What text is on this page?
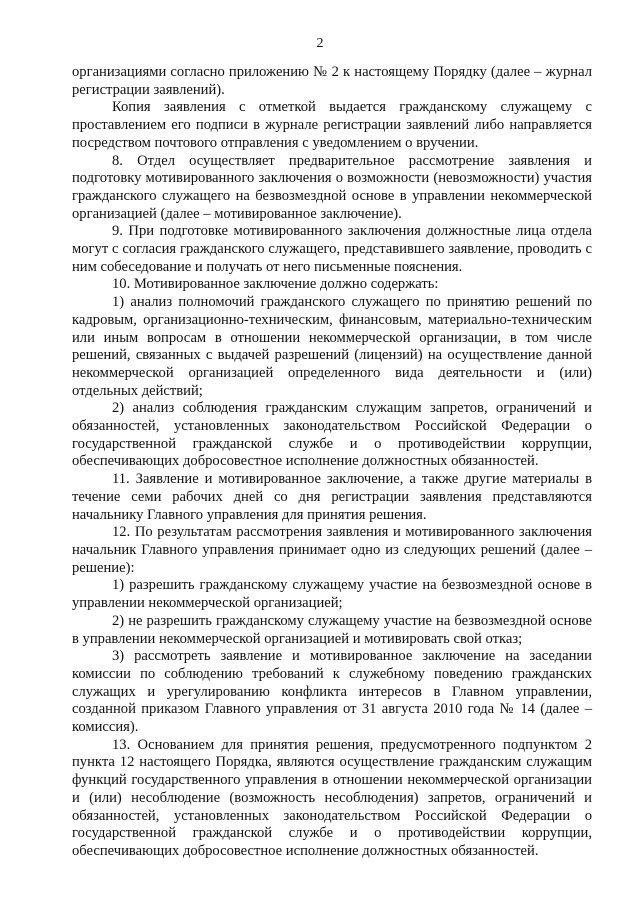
2

организациями согласно приложению № 2 к настоящему Порядку (далее – журнал регистрации заявлений).

Копия заявления с отметкой выдается гражданскому служащему с проставлением его подписи в журнале регистрации заявлений либо направляется посредством почтового отправления с уведомлением о вручении.

8. Отдел осуществляет предварительное рассмотрение заявления и подготовку мотивированного заключения о возможности (невозможности) участия гражданского служащего на безвозмездной основе в управлении некоммерческой организацией (далее – мотивированное заключение).

9. При подготовке мотивированного заключения должностные лица отдела могут с согласия гражданского служащего, представившего заявление, проводить с ним собеседование и получать от него письменные пояснения.

10. Мотивированное заключение должно содержать:

1) анализ полномочий гражданского служащего по принятию решений по кадровым, организационно-техническим, финансовым, материально-техническим или иным вопросам в отношении некоммерческой организации, в том числе решений, связанных с выдачей разрешений (лицензий) на осуществление данной некоммерческой организацией определенного вида деятельности и (или) отдельных действий;

2) анализ соблюдения гражданским служащим запретов, ограничений и обязанностей, установленных законодательством Российской Федерации о государственной гражданской службе и о противодействии коррупции, обеспечивающих добросовестное исполнение должностных обязанностей.

11. Заявление и мотивированное заключение, а также другие материалы в течение семи рабочих дней со дня регистрации заявления представляются начальнику Главного управления для принятия решения.

12. По результатам рассмотрения заявления и мотивированного заключения начальник Главного управления принимает одно из следующих решений (далее – решение):

1) разрешить гражданскому служащему участие на безвозмездной основе в управлении некоммерческой организацией;

2) не разрешить гражданскому служащему участие на безвозмездной основе в управлении некоммерческой организацией и мотивировать свой отказ;

3) рассмотреть заявление и мотивированное заключение на заседании комиссии по соблюдению требований к служебному поведению гражданских служащих и урегулированию конфликта интересов в Главном управлении, созданной приказом Главного управления от 31 августа 2010 года № 14 (далее – комиссия).

13. Основанием для принятия решения, предусмотренного подпунктом 2 пункта 12 настоящего Порядка, являются осуществление гражданским служащим функций государственного управления в отношении некоммерческой организации и (или) несоблюдение (возможность несоблюдения) запретов, ограничений и обязанностей, установленных законодательством Российской Федерации о государственной гражданской службе и о противодействии коррупции, обеспечивающих добросовестное исполнение должностных обязанностей.
